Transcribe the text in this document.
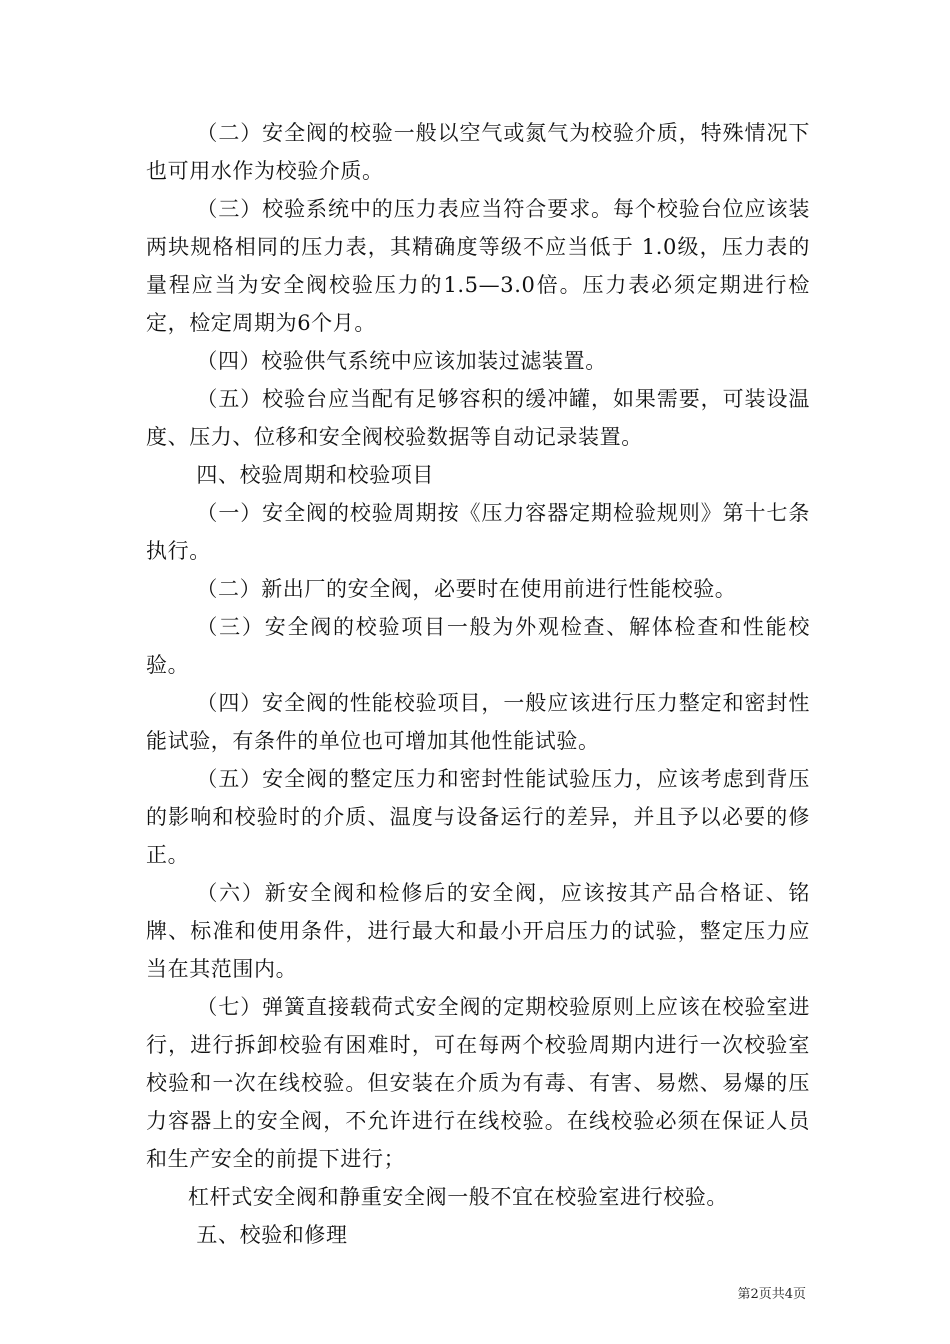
（二）安全阀的校验一般以空气或氮气为校验介质，特殊情况下也可用水作为校验介质。

（三）校验系统中的压力表应当符合要求。每个校验台位应该装两块规格相同的压力表，其精确度等级不应当低于 1.0级，压力表的量程应当为安全阀校验压力的1.5—3.0倍。压力表必须定期进行检定，检定周期为6个月。

（四）校验供气系统中应该加装过滤装置。

（五）校验台应当配有足够容积的缓冲罐，如果需要，可装设温度、压力、位移和安全阀校验数据等自动记录装置。

四、校验周期和校验项目

（一）安全阀的校验周期按《压力容器定期检验规则》第十七条执行。

（二）新出厂的安全阀，必要时在使用前进行性能校验。

（三）安全阀的校验项目一般为外观检查、解体检查和性能校验。

（四）安全阀的性能校验项目，一般应该进行压力整定和密封性能试验，有条件的单位也可增加其他性能试验。

（五）安全阀的整定压力和密封性能试验压力，应该考虑到背压的影响和校验时的介质、温度与设备运行的差异，并且予以必要的修正。

（六）新安全阀和检修后的安全阀，应该按其产品合格证、铭牌、标准和使用条件，进行最大和最小开启压力的试验，整定压力应当在其范围内。

（七）弹簧直接载荷式安全阀的定期校验原则上应该在校验室进行，进行拆卸校验有困难时，可在每两个校验周期内进行一次校验室校验和一次在线校验。但安装在介质为有毒、有害、易燃、易爆的压力容器上的安全阀，不允许进行在线校验。在线校验必须在保证人员和生产安全的前提下进行；

杠杆式安全阀和静重安全阀一般不宜在校验室进行校验。

五、校验和修理

第2页共4页
